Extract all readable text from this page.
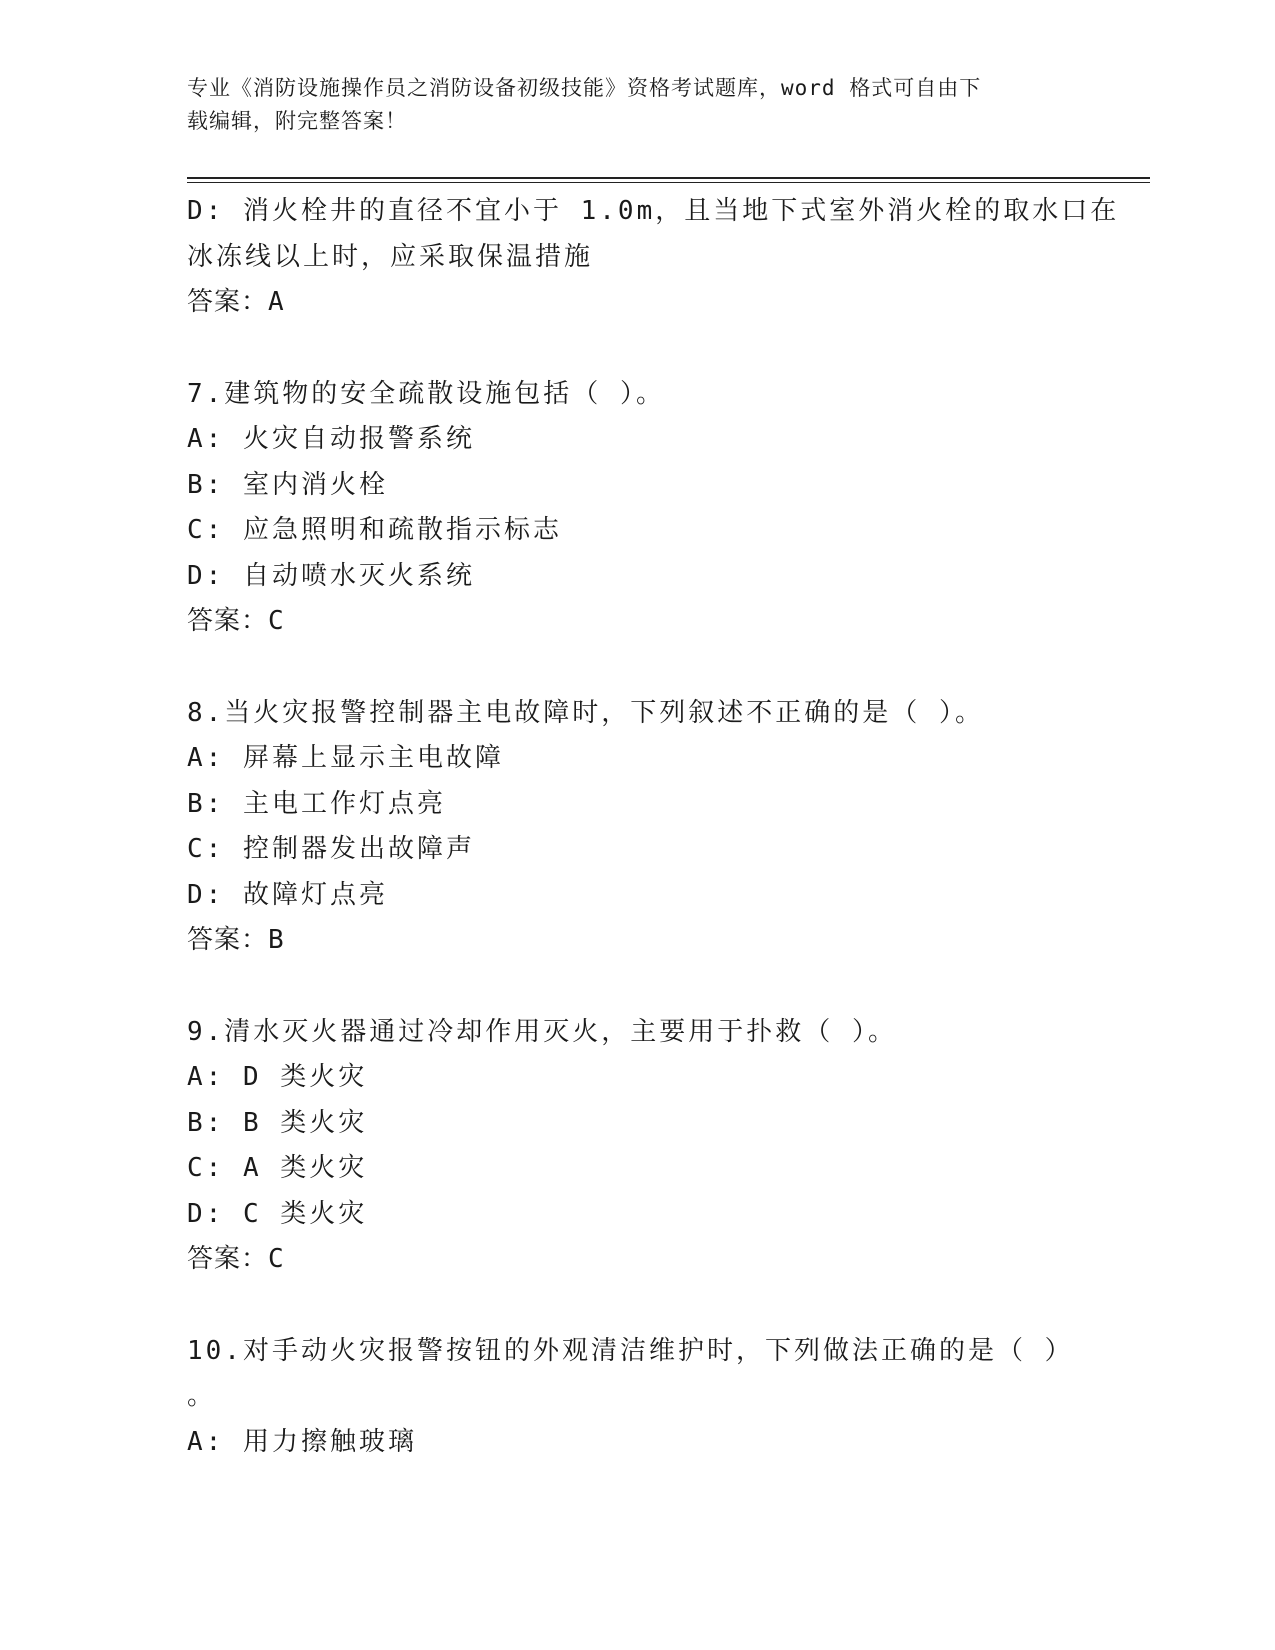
专业《消防设施操作员之消防设备初级技能》资格考试题库，word 格式可自由下
载编辑，附完整答案！
D: 消火栓井的直径不宜小于 1.0m，且当地下式室外消火栓的取水口在
冰冻线以上时，应采取保温措施
答案：A
7.建筑物的安全疏散设施包括（ ）。
A: 火灾自动报警系统
B: 室内消火栓
C: 应急照明和疏散指示标志
D: 自动喷水灭火系统
答案：C
8.当火灾报警控制器主电故障时，下列叙述不正确的是（ ）。
A: 屏幕上显示主电故障
B: 主电工作灯点亮
C: 控制器发出故障声
D: 故障灯点亮
答案：B
9.清水灭火器通过冷却作用灭火，主要用于扑救（ ）。
A: D 类火灾
B: B 类火灾
C: A 类火灾
D: C 类火灾
答案：C
10.对手动火灾报警按钮的外观清洁维护时，下列做法正确的是（ ）
。
A: 用力擦触玻璃
